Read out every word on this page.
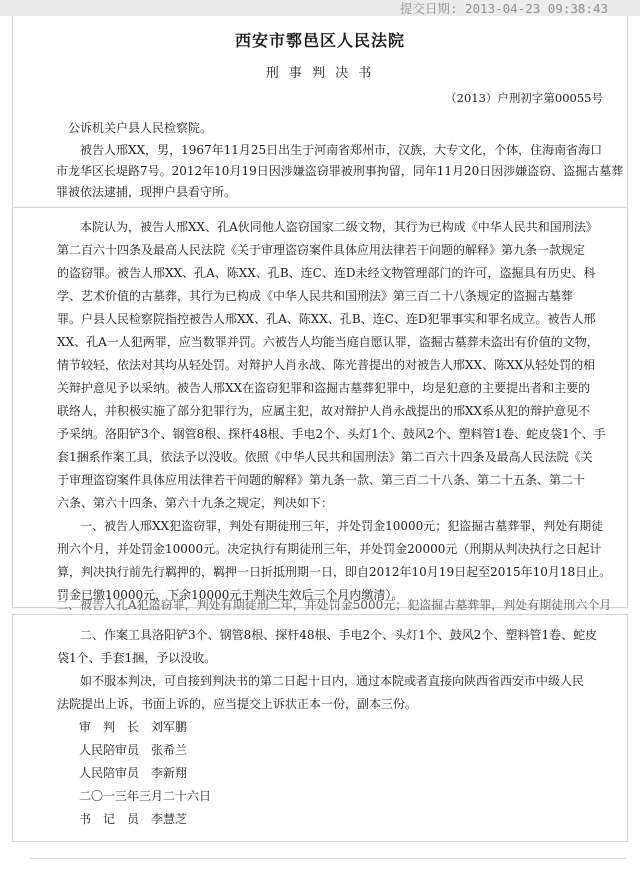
提交日期: 2013-04-23 09:38:43
西安市鄠邑区人民法院
刑 事 判 决 书
（2013）户刑初字第00055号
公诉机关户县人民检察院。
被告人邢XX，男，1967年11月25日出生于河南省郑州市，汉族，大专文化，个体，住海南省海口
市龙华区长堤路7号。2012年10月19日因涉嫌盗窃罪被刑事拘留，同年11月20日因涉嫌盗窃、盗掘古墓葬
罪被依法逮捕，现押户县看守所。
本院认为，被告人邢XX、孔A伙同他人盗窃国家二级文物，其行为已构成《中华人民共和国刑法》
第二百六十四条及最高人民法院《关于审理盗窃案件具体应用法律若干问题的解释》第九条一款规定
的盗窃罪。被告人邢XX、孔A、陈XX、孔B、连C、连D未经文物管理部门的许可，盗掘具有历史、科
学、艺术价值的古墓葬，其行为已构成《中华人民共和国刑法》第三百二十八条规定的盗掘古墓葬
罪。户县人民检察院指控被告人邢XX、孔A、陈XX、孔B、连C、连D犯罪事实和罪名成立。被告人邢
XX、孔A一人犯两罪，应当数罪并罚。六被告人均能当庭自愿认罪，盗掘古墓葬未盗出有价值的文物，
情节较轻，依法对其均从轻处罚。对辩护人肖永战、陈光普提出的对被告人邢XX、陈XX从轻处罚的相
关辩护意见予以采纳。被告人邢XX在盗窃犯罪和盗掘古墓葬犯罪中，均是犯意的主要提出者和主要的
联络人，并积极实施了部分犯罪行为，应属主犯，故对辩护人肖永战提出的邢XX系从犯的辩护意见不
予采纳。洛阳铲3个、钢管8根、探杆48根、手电2个、头灯1个、鼓风2个、塑料管1卷、蛇皮袋1个、手
套1捆系作案工具，依法予以没收。依照《中华人民共和国刑法》第二百六十四条及最高人民法院《关
于审理盗窃案件具体应用法律若干问题的解释》第九条一款、第三百二十八条、第二十五条、第二十
六条、第六十四条、第六十九条之规定，判决如下：
一、被告人邢XX犯盗窃罪，判处有期徒刑三年，并处罚金10000元；犯盗掘古墓葬罪，判处有期徒
刑六个月，并处罚金10000元。决定执行有期徒刑三年，并处罚金20000元（刑期从判决执行之日起计
算，判决执行前先行羁押的，羁押一日折抵刑期一日，即自2012年10月19日起至2015年10月18日止。
罚金已缴10000元，下余10000元于判决生效后三个月内缴清）。
二、被告人孔A犯盗窃罪，判处有期徒刑二年，并处罚金5000元；犯盗掘古墓葬罪，判处有期徒刑六个月
二、作案工具洛阳铲3个、钢管8根、探杆48根、手电2个、头灯1个、鼓风2个、塑料管1卷、蛇皮
袋1个、手套1捆，予以没收。
如不服本判决，可自接到判决书的第二日起十日内，通过本院或者直接向陕西省西安市中级人民
法院提出上诉，书面上诉的，应当提交上诉状正本一份，副本三份。
审　判　长　刘军鹏
人民陪审员　张希兰
人民陪审员　李新翔
二〇一三年三月二十六日
书　记　员　李慧芝
